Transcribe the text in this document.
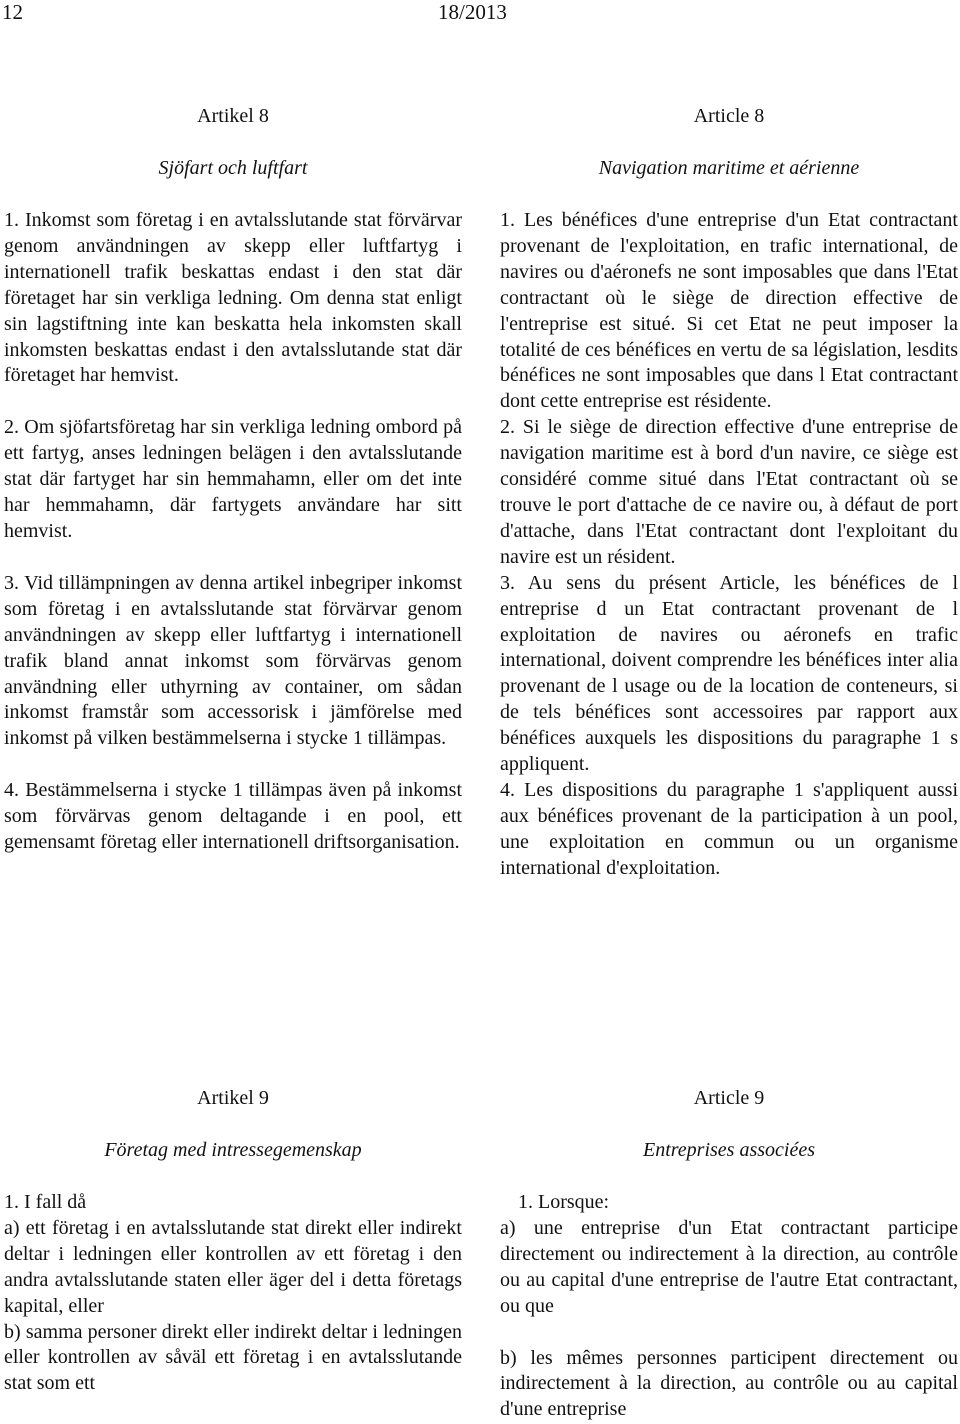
12	18/2013
Artikel 8
Sjöfart och luftfart

1. Inkomst som företag i en avtalsslutande stat förvärvar genom användningen av skepp eller luftfartyg i internationell trafik beskattas endast i den stat där företaget har sin verkliga ledning. Om denna stat enligt sin lagstiftning inte kan beskatta hela inkomsten skall inkomsten beskattas endast i den avtalsslutande stat där företaget har hemvist.

2. Om sjöfartsföretag har sin verkliga ledning ombord på ett fartyg, anses ledningen belägen i den avtalsslutande stat där fartyget har sin hemmahamn, eller om det inte har hemmahamn, där fartygets användare har sitt hemvist.

3. Vid tillämpningen av denna artikel inbegriper inkomst som företag i en avtalsslutande stat förvärvar genom användningen av skepp eller luftfartyg i internationell trafik bland annat inkomst som förvärvas genom användning eller uthyrning av container, om sådan inkomst framstår som accessorisk i jämförelse med inkomst på vilken bestämmelserna i stycke 1 tillämpas.

4. Bestämmelserna i stycke 1 tillämpas även på inkomst som förvärvas genom deltagande i en pool, ett gemensamt företag eller internationell driftsorganisation.

Article 8
Navigation maritime et aérienne

1. Les bénéfices d'une entreprise d'un Etat contractant provenant de l'exploitation, en trafic international, de navires ou d'aéronefs ne sont imposables que dans l'Etat contractant où le siège de direction effective de l'entreprise est situé. Si cet Etat ne peut imposer la totalité de ces bénéfices en vertu de sa législation, lesdits bénéfices ne sont imposables que dans l Etat contractant dont cette entreprise est résidente.

2. Si le siège de direction effective d'une entreprise de navigation maritime est à bord d'un navire, ce siège est considéré comme situé dans l'Etat contractant où se trouve le port d'attache de ce navire ou, à défaut de port d'attache, dans l'Etat contractant dont l'exploitant du navire est un résident.

3. Au sens du présent Article, les bénéfices de l entreprise d un Etat contractant provenant de l exploitation de navires ou aéronefs en trafic international, doivent comprendre les bénéfices inter alia provenant de l usage ou de la location de conteneurs, si de tels bénéfices sont accessoires par rapport aux bénéfices auxquels les dispositions du paragraphe 1 s appliquent.

4. Les dispositions du paragraphe 1 s'appliquent aussi aux bénéfices provenant de la participation à un pool, une exploitation en commun ou un organisme international d'exploitation.

Artikel 9
Företag med intressegemenskap

1. I fall då

a) ett företag i en avtalsslutande stat direkt eller indirekt deltar i ledningen eller kontrollen av ett företag i den andra avtalsslutande staten eller äger del i detta företags kapital, eller

b) samma personer direkt eller indirekt deltar i ledningen eller kontrollen av såväl ett företag i en avtalsslutande stat som ett

Article 9
Entreprises associées

1. Lorsque:

a) une entreprise d'un Etat contractant participe directement ou indirectement à la direction, au contrôle ou au capital d'une entreprise de l'autre Etat contractant, ou que

b) les mêmes personnes participent directement ou indirectement à la direction, au contrôle ou au capital d'une entreprise
